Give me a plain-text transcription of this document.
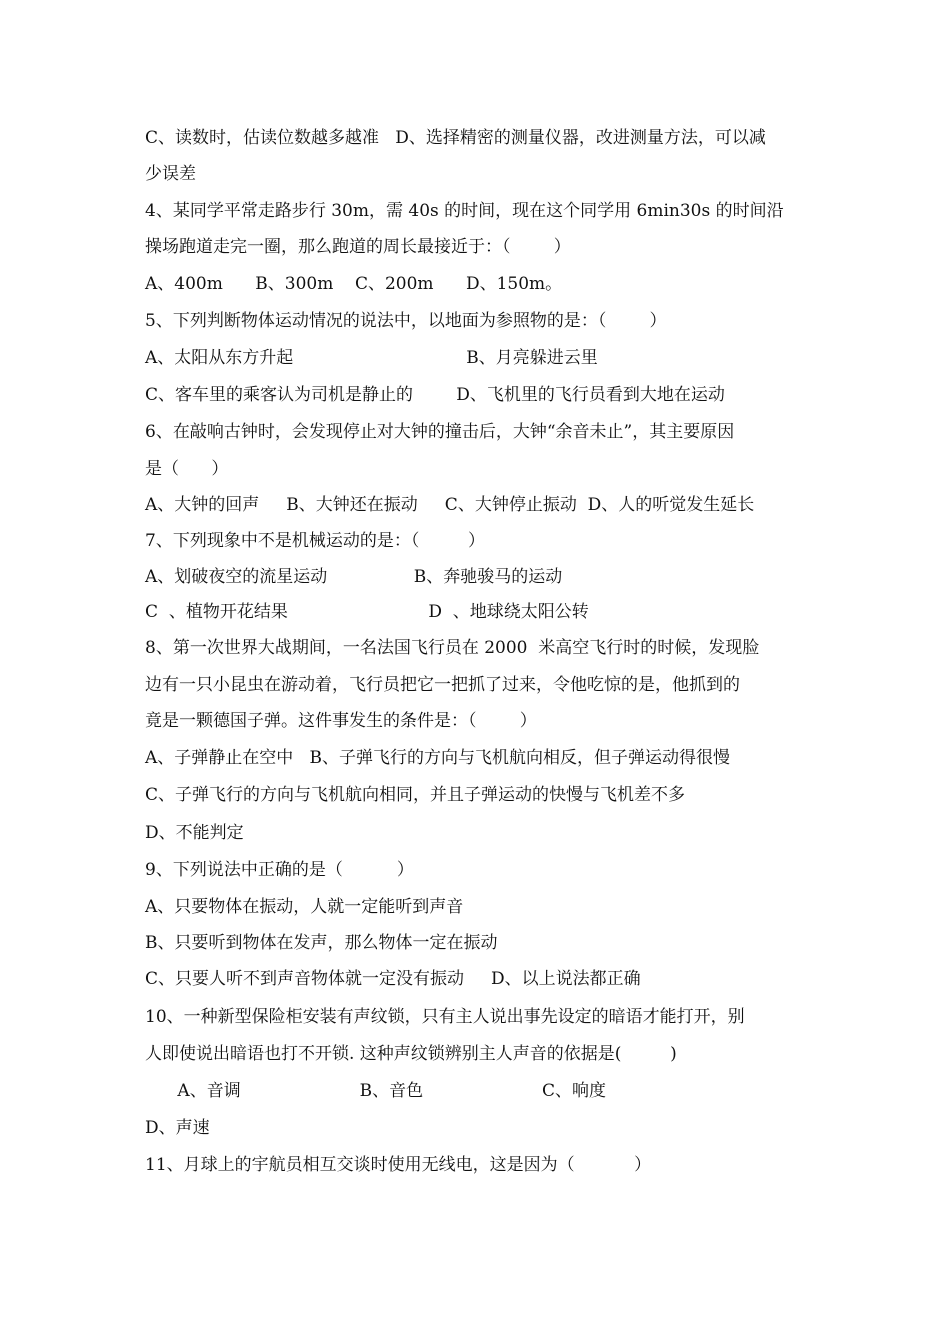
C、读数时，估读位数越多越准   D、选择精密的测量仪器，改进测量方法，可以减
少误差
4、某同学平常走路步行 30m，需 40s 的时间，现在这个同学用 6min30s 的时间沿
操场跑道走完一圈，那么跑道的周长最接近于：（        ）
A、400m      B、300m    C、200m      D、150m。
5、下列判断物体运动情况的说法中，以地面为参照物的是：（        ）
A、太阳从东方升起                                B、月亮躲进云里
C、客车里的乘客认为司机是静止的        D、飞机里的飞行员看到大地在运动
6、在敲响古钟时，会发现停止对大钟的撞击后，大钟“余音未止”，其主要原因
是（      ）
A、大钟的回声     B、大钟还在振动     C、大钟停止振动  D、人的听觉发生延长
7、下列现象中不是机械运动的是：（         ）
A、划破夜空的流星运动                B、奔驰骏马的运动
C  、植物开花结果                          D  、地球绕太阳公转
8、第一次世界大战期间，一名法国飞行员在 2000  米高空飞行时的时候，发现脸
边有一只小昆虫在游动着，飞行员把它一把抓了过来，令他吃惊的是，他抓到的
竟是一颗德国子弹。这件事发生的条件是：（        ）
A、子弹静止在空中   B、子弹飞行的方向与飞机航向相反，但子弹运动得很慢
C、子弹飞行的方向与飞机航向相同，并且子弹运动的快慢与飞机差不多
D、不能判定
9、下列说法中正确的是（          ）
A、只要物体在振动，人就一定能听到声音
B、只要听到物体在发声，那么物体一定在振动
C、只要人听不到声音物体就一定没有振动     D、以上说法都正确
10、一种新型保险柜安装有声纹锁，只有主人说出事先设定的暗语才能打开，别
人即使说出暗语也打不开锁. 这种声纹锁辨别主人声音的依据是(         )
A、音调                      B、音色                      C、响度
D、声速
11、月球上的宇航员相互交谈时使用无线电，这是因为（           ）
